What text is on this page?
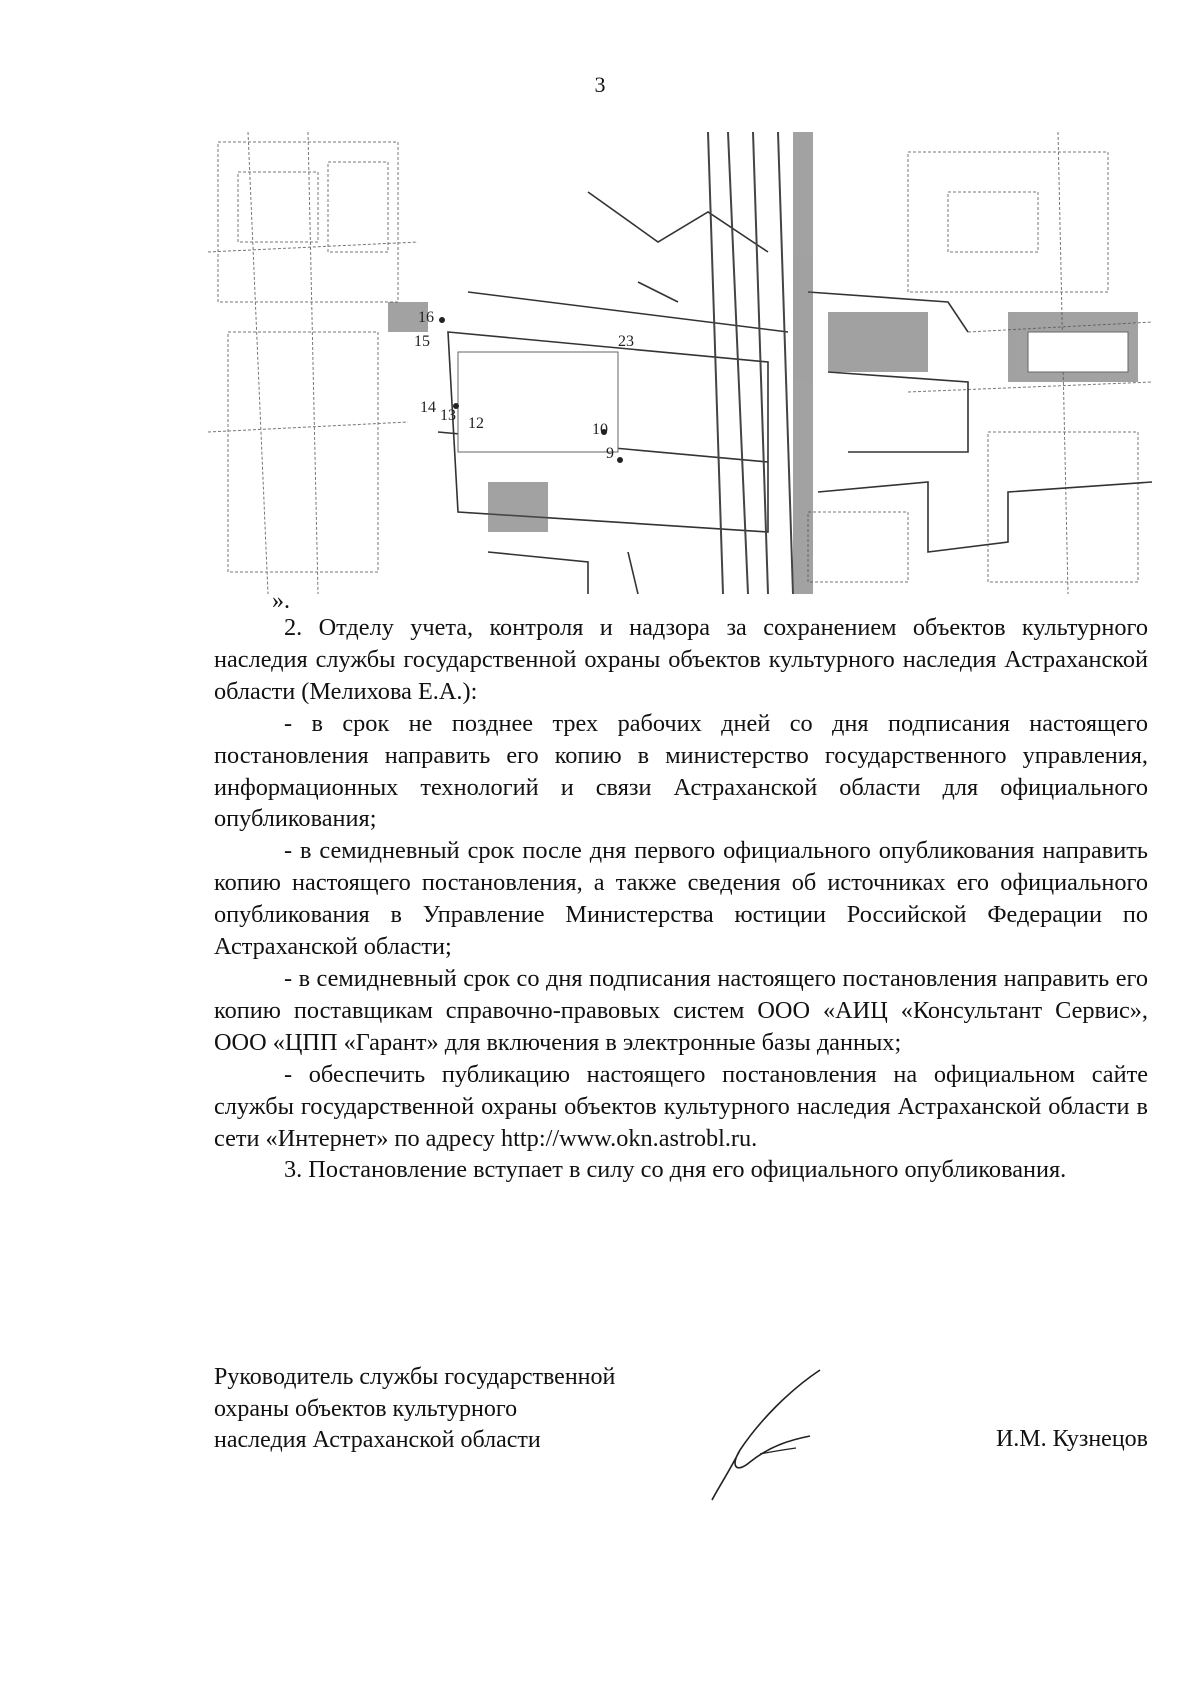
3
16
15
14 13
23
10
9
12
».

2. Отделу учета, контроля и надзора за сохранением объектов культурного наследия службы государственной охраны объектов культурного наследия Астраханской области (Мелихова Е.А.):

- в срок не позднее трех рабочих дней со дня подписания настоящего постановления направить его копию в министерство государственного управления, информационных технологий и связи Астраханской области для официального опубликования;

- в семидневный срок после дня первого официального опубликования направить копию настоящего постановления, а также сведения об источниках его официального опубликования в Управление Министерства юстиции Российской Федерации по Астраханской области;

- в семидневный срок со дня подписания настоящего постановления направить его копию поставщикам справочно-правовых систем ООО «АИЦ «Консультант Сервис», ООО «ЦПП «Гарант» для включения в электронные базы данных;

- обеспечить публикацию настоящего постановления на официальном сайте службы государственной охраны объектов культурного наследия Астраханской области в сети «Интернет» по адресу http://www.okn.astrobl.ru.

3. Постановление вступает в силу со дня его официального опубликования.

Руководитель службы государственной
охраны объектов культурного
наследия Астраханской области	И.М. Кузнецов
